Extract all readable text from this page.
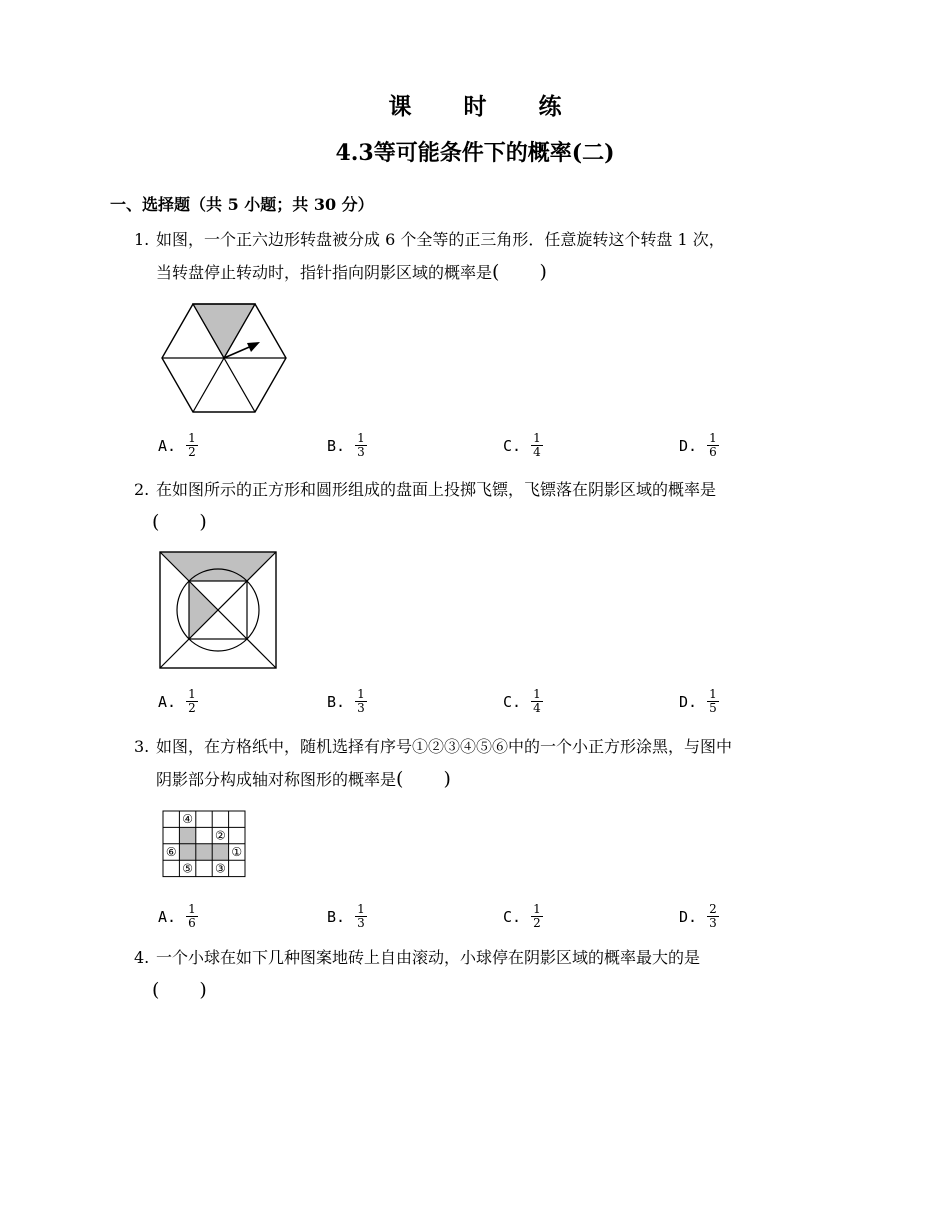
课 时 练
4.3等可能条件下的概率(二)
一、选择题（共 5 小题；共 30 分）
1. 如图，一个正六边形转盘被分成 6 个全等的正三角形．任意旋转这个转盘 1 次，
当转盘停止转动时，指针指向阴影区域的概率是( )
A. $\frac{1}{2}$	B. $\frac{1}{3}$	C. $\frac{1}{4}$	D. $\frac{1}{6}$
2. 在如图所示的正方形和圆形组成的盘面上投掷飞镖，飞镖落在阴影区域的概率是
( )
A. $\frac{1}{2}$	B. $\frac{1}{3}$	C. $\frac{1}{4}$	D. $\frac{1}{5}$
3. 如图，在方格纸中，随机选择有序号①②③④⑤⑥中的一个小正方形涂黑，与图中
阴影部分构成轴对称图形的概率是( )
④
②
⑥	①
⑤ ③
A. $\frac{1}{6}$	B. $\frac{1}{3}$	C. $\frac{1}{2}$	D. $\frac{2}{3}$
4. 一个小球在如下几种图案地砖上自由滚动，小球停在阴影区域的概率最大的是
( )
